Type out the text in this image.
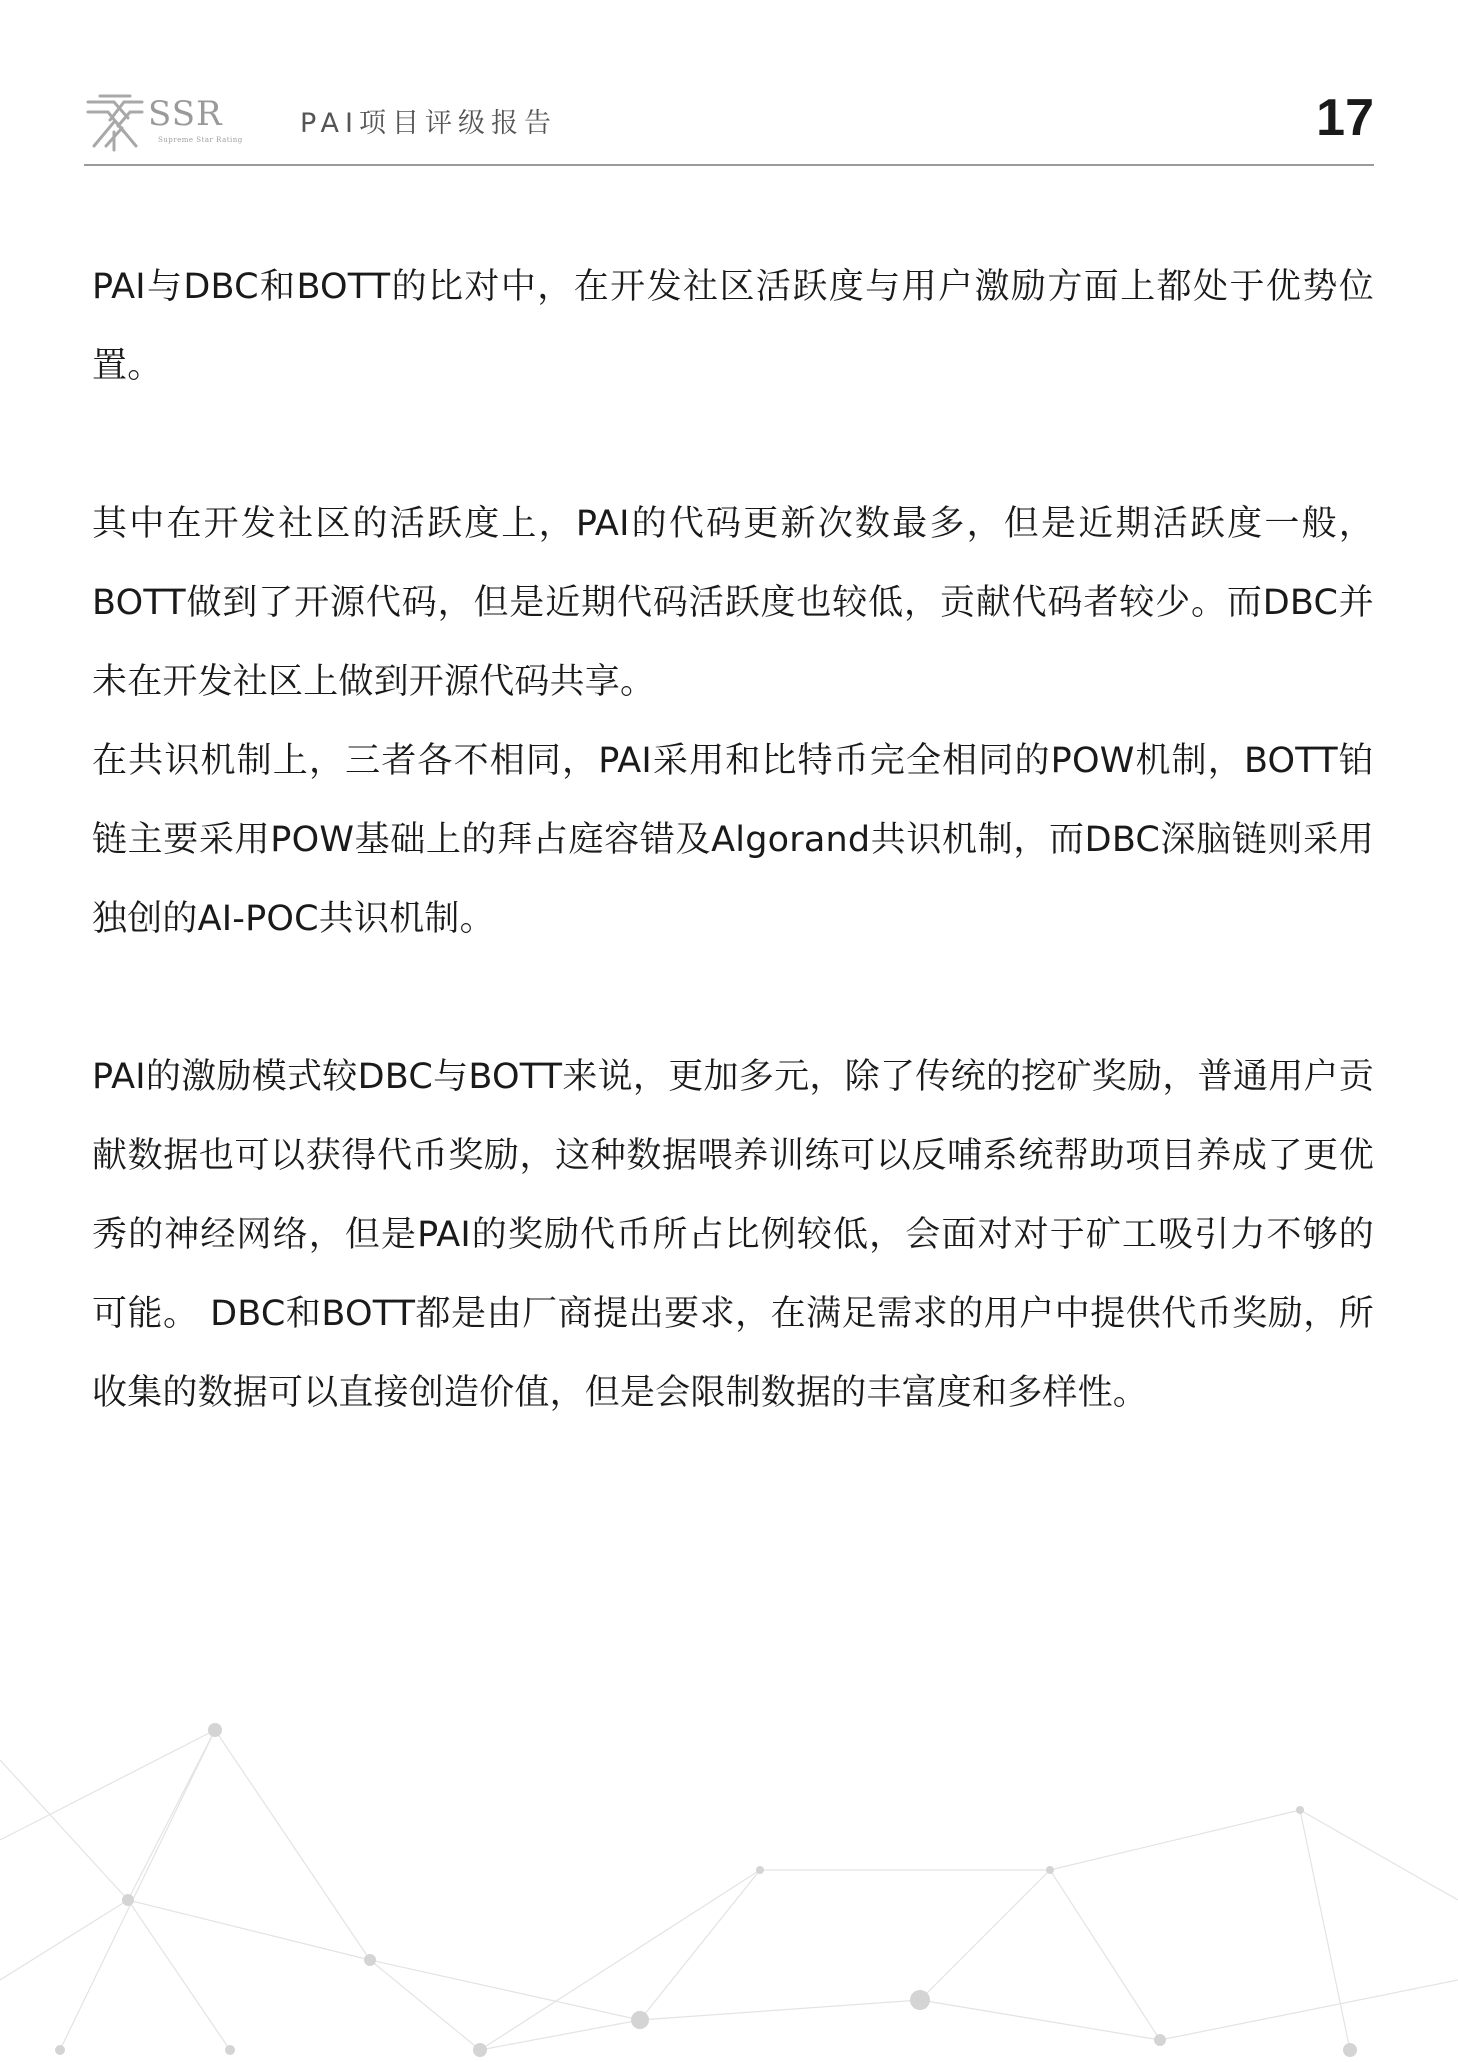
SSR
Supreme Star Rating
PAI项目评级报告	17

PAI与DBC和BOTT的比对中，在开发社区活跃度与用户激励方面上都处于优势位置。

其中在开发社区的活跃度上，PAI的代码更新次数最多，但是近期活跃度一般，BOTT做到了开源代码，但是近期代码活跃度也较低，贡献代码者较少。而DBC并未在开发社区上做到开源代码共享。

在共识机制上，三者各不相同，PAI采用和比特币完全相同的POW机制，BOTT铂链主要采用POW基础上的拜占庭容错及Algorand共识机制，而DBC深脑链则采用独创的AI-POC共识机制。

PAI的激励模式较DBC与BOTT来说，更加多元，除了传统的挖矿奖励，普通用户贡献数据也可以获得代币奖励，这种数据喂养训练可以反哺系统帮助项目养成了更优秀的神经网络，但是PAI的奖励代币所占比例较低，会面对对于矿工吸引力不够的可能。 DBC和BOTT都是由厂商提出要求，在满足需求的用户中提供代币奖励，所收集的数据可以直接创造价值，但是会限制数据的丰富度和多样性。
